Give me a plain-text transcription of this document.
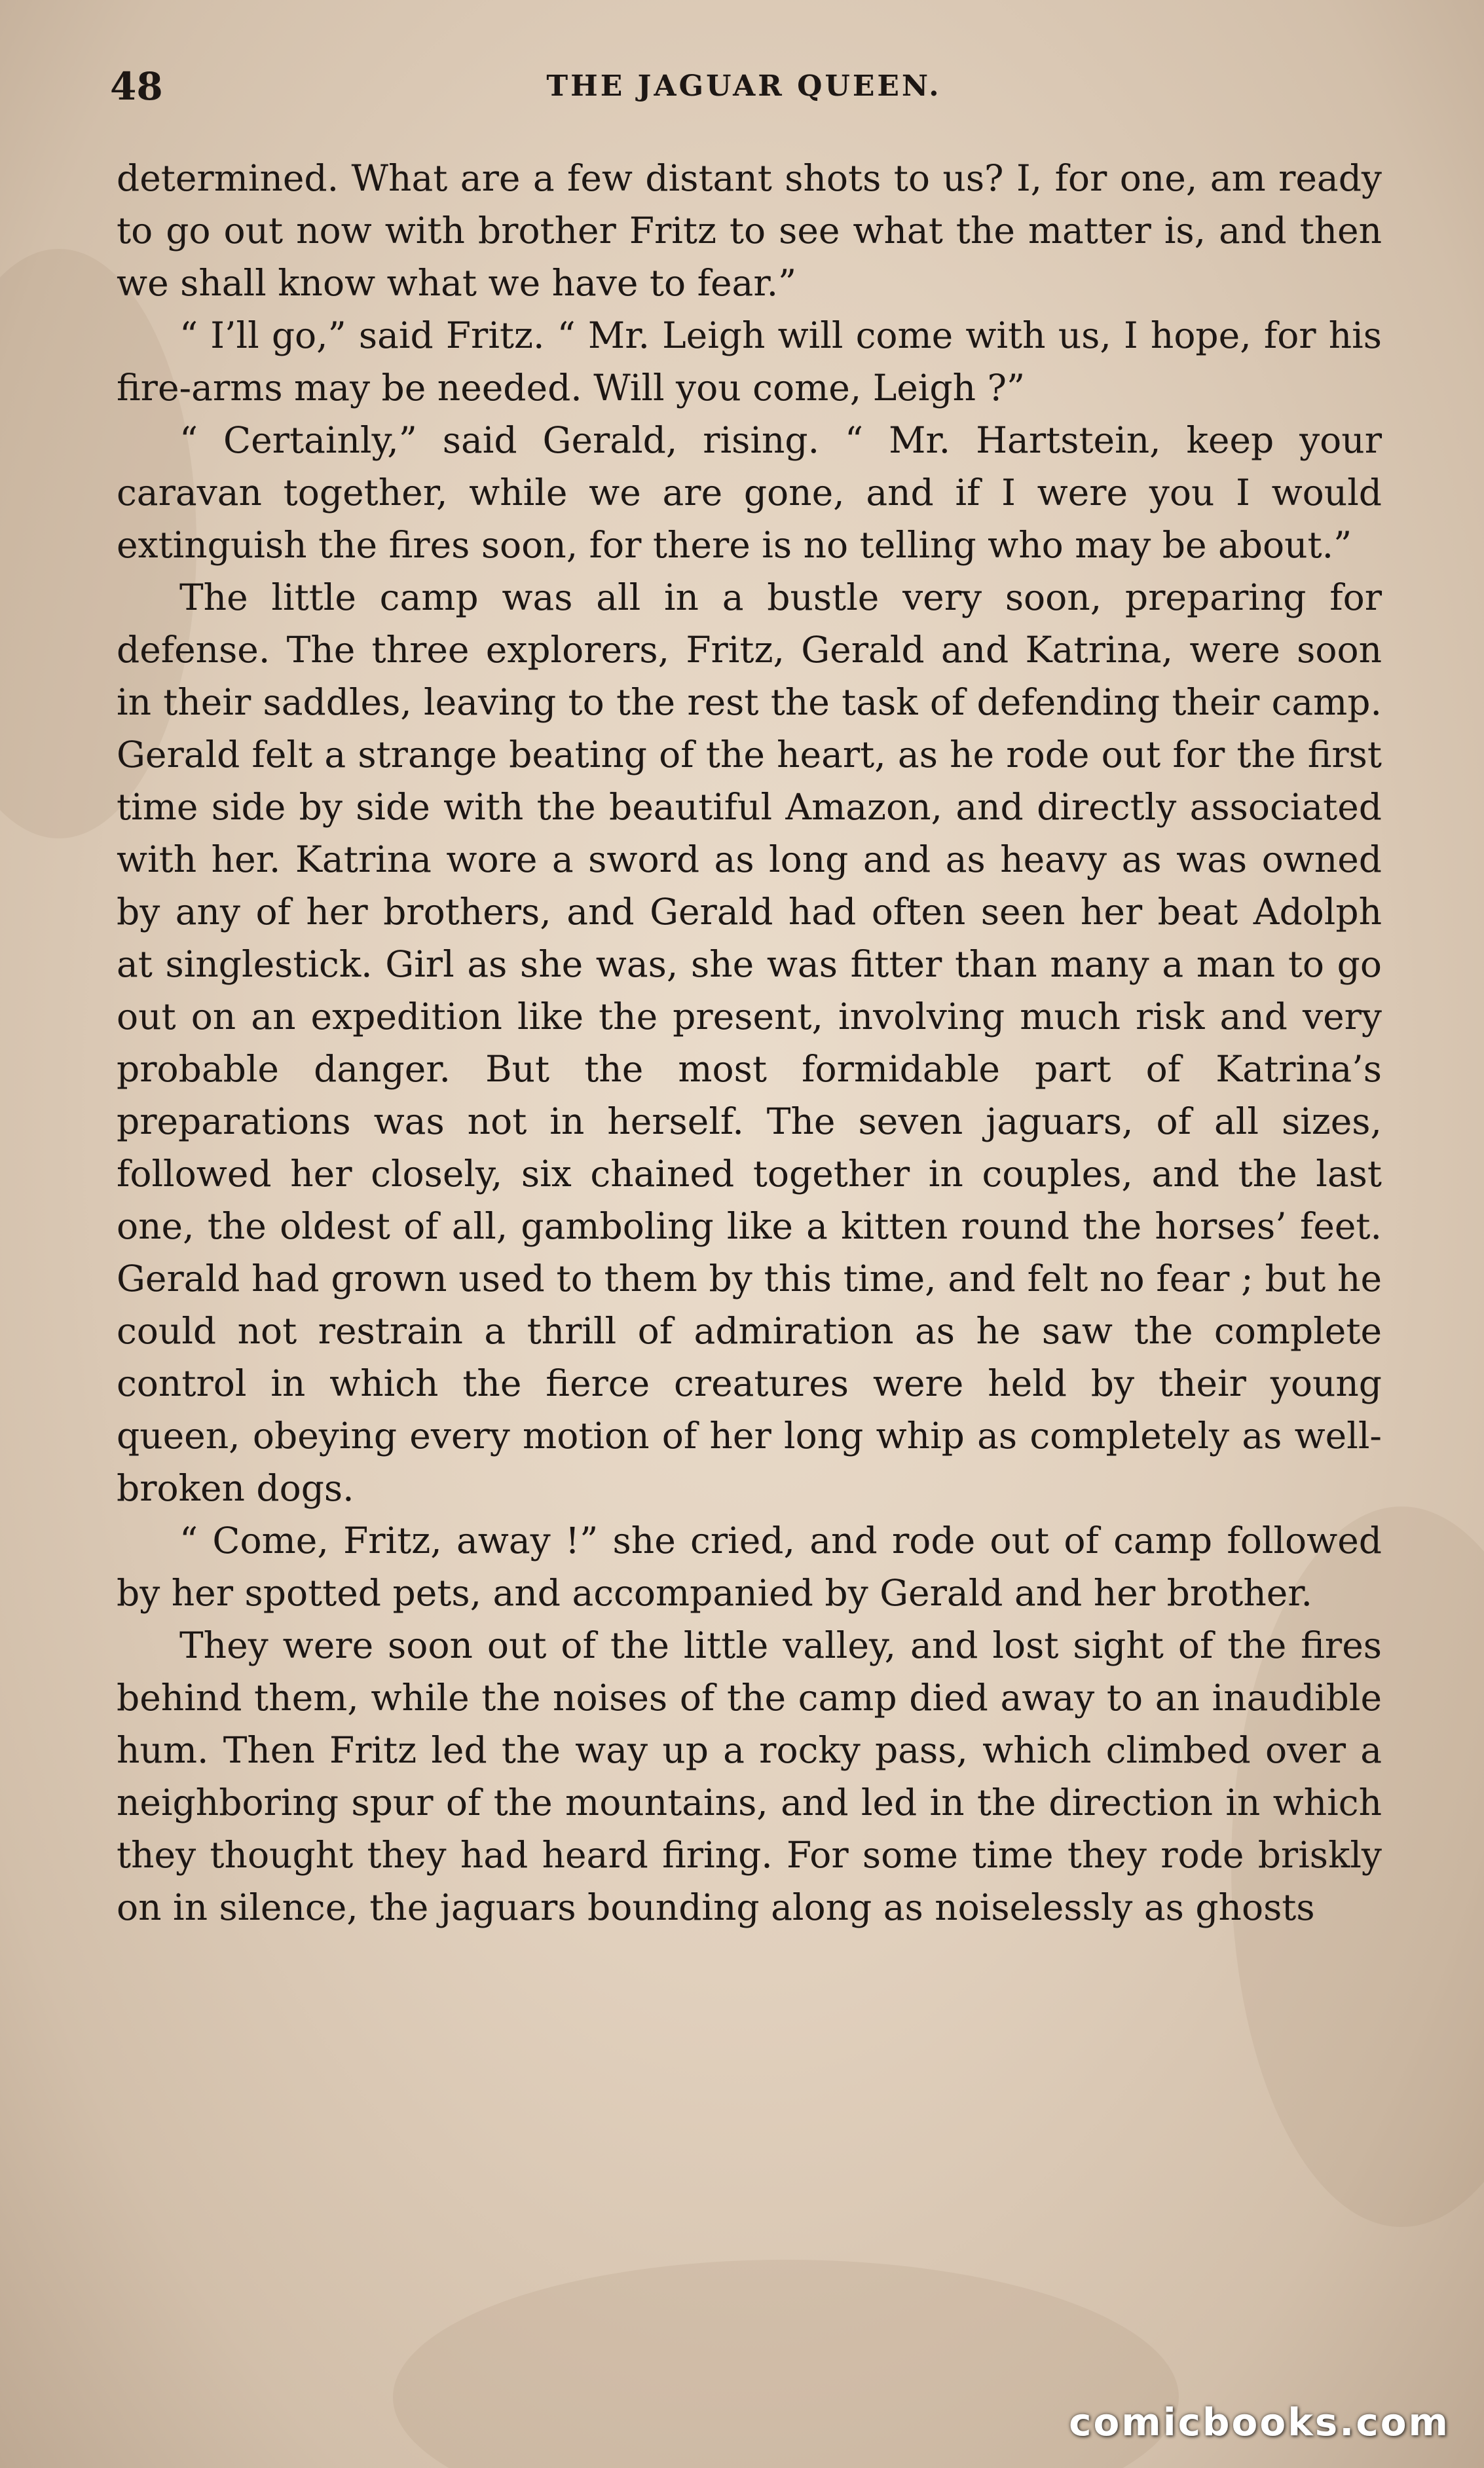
48	THE JAGUAR QUEEN.

determined. What are a few distant shots to us? I, for one, am ready to go out now with brother Fritz to see what the matter is, and then we shall know what we have to fear.”

“ I’ll go,” said Fritz. “ Mr. Leigh will come with us, I hope, for his fire-arms may be needed. Will you come, Leigh ?”

“ Certainly,” said Gerald, rising. “ Mr. Hartstein, keep your caravan together, while we are gone, and if I were you I would extinguish the fires soon, for there is no telling who may be about.”

The little camp was all in a bustle very soon, preparing for defense. The three explorers, Fritz, Gerald and Katrina, were soon in their saddles, leaving to the rest the task of defending their camp. Gerald felt a strange beating of the heart, as he rode out for the first time side by side with the beautiful Amazon, and directly associated with her. Katrina wore a sword as long and as heavy as was owned by any of her brothers, and Gerald had often seen her beat Adolph at singlestick. Girl as she was, she was fitter than many a man to go out on an expedition like the present, involving much risk and very probable danger. But the most formidable part of Katrina’s preparations was not in herself. The seven jaguars, of all sizes, followed her closely, six chained together in couples, and the last one, the oldest of all, gamboling like a kitten round the horses’ feet. Gerald had grown used to them by this time, and felt no fear ; but he could not restrain a thrill of admiration as he saw the complete control in which the fierce creatures were held by their young queen, obeying every motion of her long whip as completely as well-broken dogs.

“ Come, Fritz, away !” she cried, and rode out of camp followed by her spotted pets, and accompanied by Gerald and her brother.

They were soon out of the little valley, and lost sight of the fires behind them, while the noises of the camp died away to an inaudible hum. Then Fritz led the way up a rocky pass, which climbed over a neighboring spur of the mountains, and led in the direction in which they thought they had heard firing. For some time they rode briskly on in silence, the jaguars bounding along as noiselessly as ghosts

comicbooks.com
